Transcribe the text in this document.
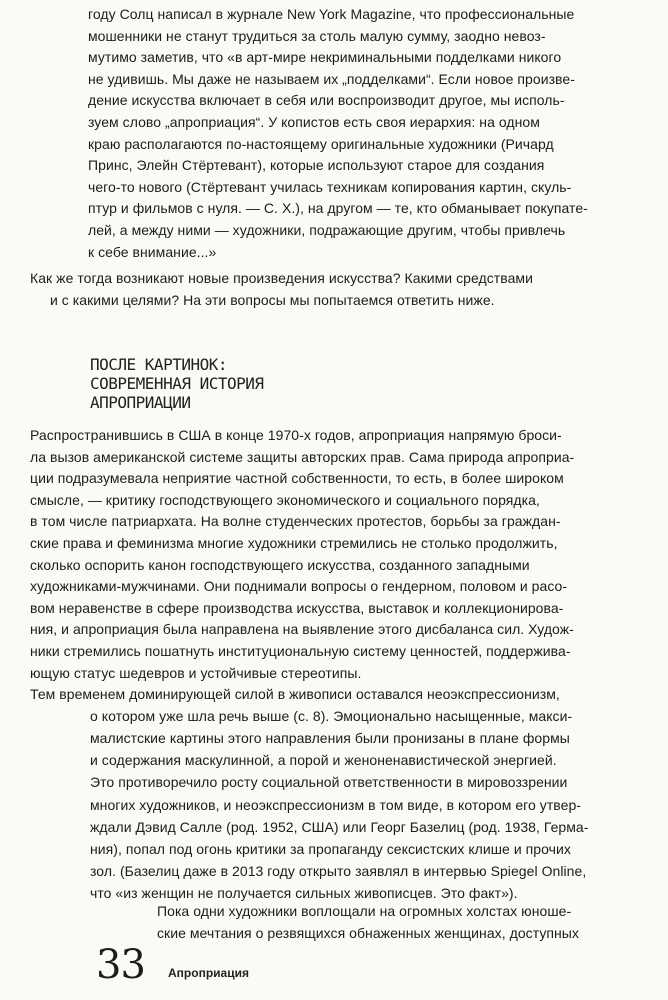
году Солц написал в журнале New York Magazine, что профессиональные
мошенники не станут трудиться за столь малую сумму, заодно невоз-
мутимо заметив, что «в арт-мире некриминальными подделками никого
не удивишь. Мы даже не называем их „подделками“. Если новое произве-
дение искусства включает в себя или воспроизводит другое, мы исполь-
зуем слово „апроприация“. У копистов есть своя иерархия: на одном
краю располагаются по-настоящему оригинальные художники (Ричард
Принс, Элейн Стёртевант), которые используют старое для создания
чего-то нового (Стёртевант училась техникам копирования картин, скуль-
птур и фильмов с нуля. — С. Х.), на другом — те, кто обманывает покупате-
лей, а между ними — художники, подражающие другим, чтобы привлечь
к себе внимание...»
Как же тогда возникают новые произведения искусства? Какими средствами
и с какими целями? На эти вопросы мы попытаемся ответить ниже.
ПОСЛЕ КАРТИНОК:
СОВРЕМЕННАЯ ИСТОРИЯ
АПРОПРИАЦИИ
Распространившись в США в конце 1970-х годов, апроприация напрямую броси-
ла вызов американской системе защиты авторских прав. Сама природа апроприа-
ции подразумевала неприятие частной собственности, то есть, в более широком
смысле, — критику господствующего экономического и социального порядка,
в том числе патриархата. На волне студенческих протестов, борьбы за граждан-
ские права и феминизма многие художники стремились не столько продолжить,
сколько оспорить канон господствующего искусства, созданного западными
художниками-мужчинами. Они поднимали вопросы о гендерном, половом и расо-
вом неравенстве в сфере производства искусства, выставок и коллекционирова-
ния, и апроприация была направлена на выявление этого дисбаланса сил. Худож-
ники стремились пошатнуть институциональную систему ценностей, поддержива-
ющую статус шедевров и устойчивые стереотипы.
Тем временем доминирующей силой в живописи оставался неоэкспрессионизм,
о котором уже шла речь выше (с. 8). Эмоционально насыщенные, макси-
малистские картины этого направления были пронизаны в плане формы
и содержания маскулинной, а порой и женоненавистической энергией.
Это противоречило росту социальной ответственности в мировоззрении
многих художников, и неоэкспрессионизм в том виде, в котором его утвер-
ждали Дэвид Салле (род. 1952, США) или Георг Базелиц (род. 1938, Герма-
ния), попал под огонь критики за пропаганду сексистских клише и прочих
зол. (Базелиц даже в 2013 году открыто заявлял в интервью Spiegel Online,
что «из женщин не получается сильных живописцев. Это факт»).
Пока одни художники воплощали на огромных холстах юноше-
ские мечтания о резвящихся обнаженных женщинах, доступных
33 Апроприация
